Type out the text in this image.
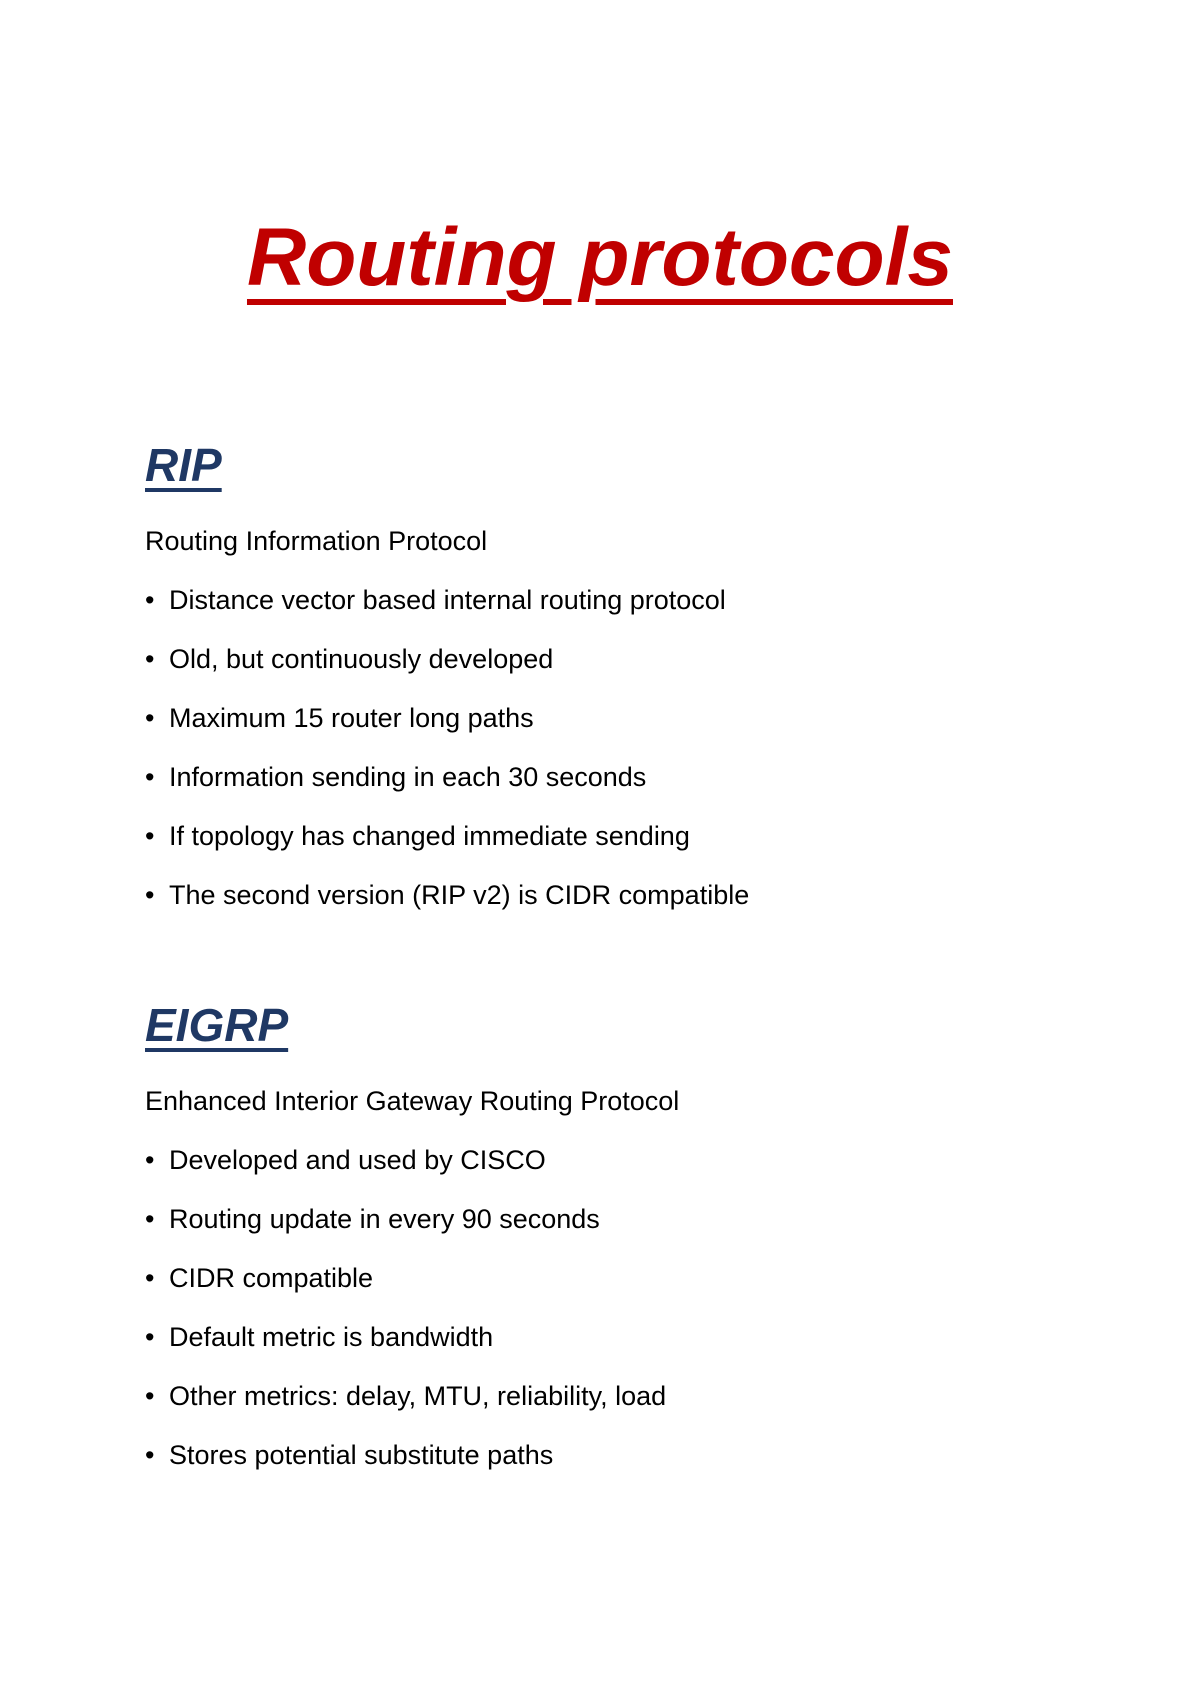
Routing protocols
RIP

Routing Information Protocol

• Distance vector based internal routing protocol
• Old, but continuously developed
• Maximum 15 router long paths
• Information sending in each 30 seconds
• If topology has changed immediate sending
• The second version (RIP v2) is CIDR compatible
EIGRP

Enhanced Interior Gateway Routing Protocol

• Developed and used by CISCO
• Routing update in every 90 seconds
• CIDR compatible
• Default metric is bandwidth
• Other metrics: delay, MTU, reliability, load
• Stores potential substitute paths
